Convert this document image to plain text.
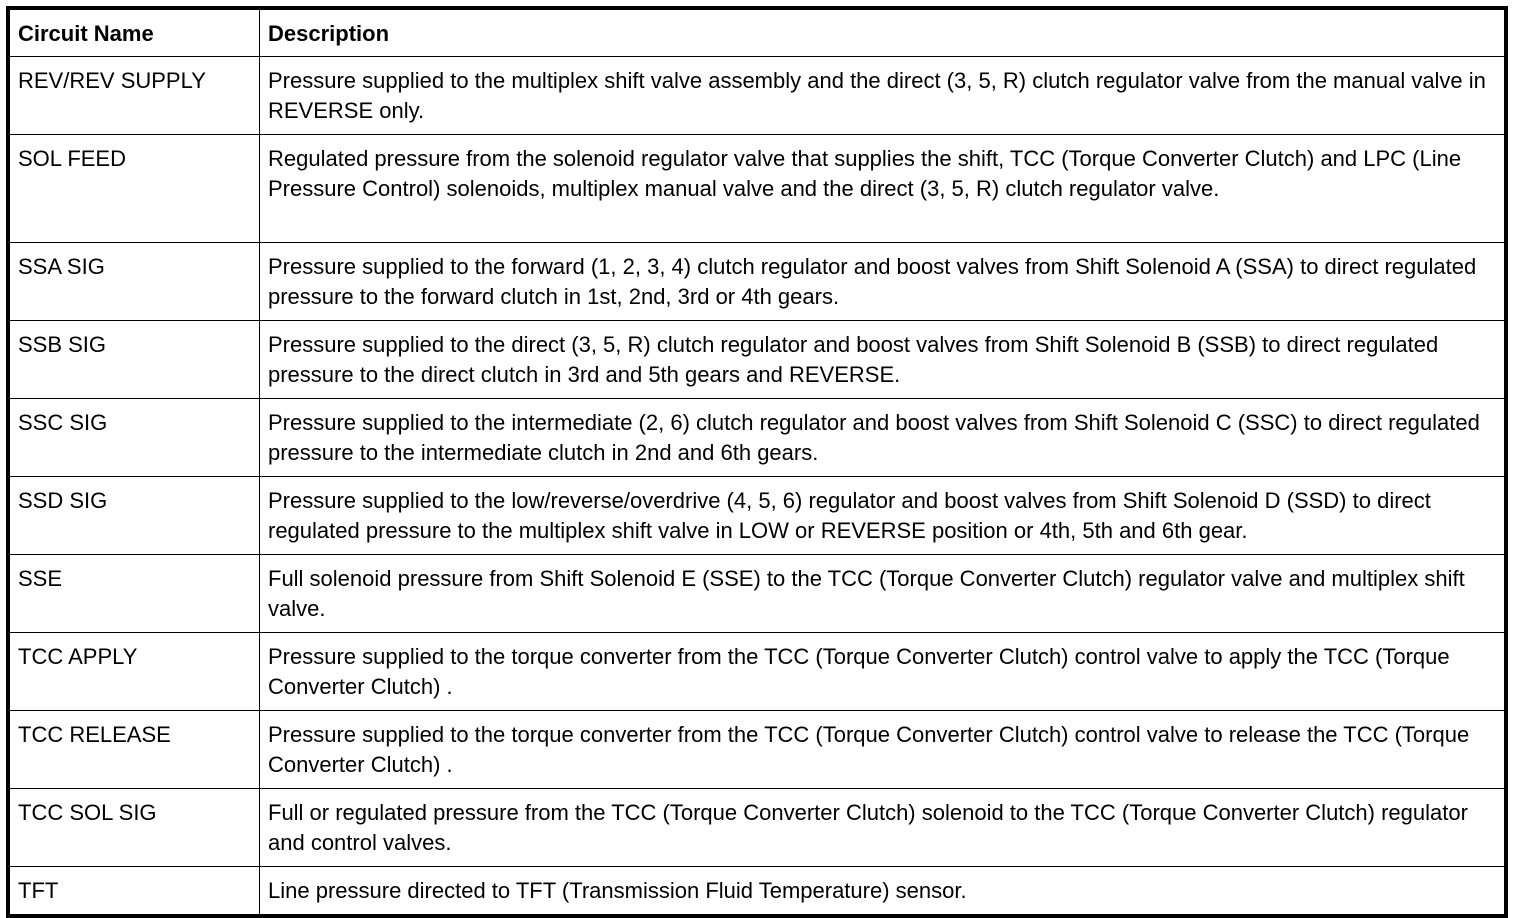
Circuit Name	Description
REV/REV SUPPLY	Pressure supplied to the multiplex shift valve assembly and the direct (3, 5, R) clutch regulator valve from the manual valve in REVERSE only.
SOL FEED	Regulated pressure from the solenoid regulator valve that supplies the shift, TCC (Torque Converter Clutch) and LPC (Line Pressure Control) solenoids, multiplex manual valve and the direct (3, 5, R) clutch regulator valve.
SSA SIG	Pressure supplied to the forward (1, 2, 3, 4) clutch regulator and boost valves from Shift Solenoid A (SSA) to direct regulated pressure to the forward clutch in 1st, 2nd, 3rd or 4th gears.
SSB SIG	Pressure supplied to the direct (3, 5, R) clutch regulator and boost valves from Shift Solenoid B (SSB) to direct regulated pressure to the direct clutch in 3rd and 5th gears and REVERSE.
SSC SIG	Pressure supplied to the intermediate (2, 6) clutch regulator and boost valves from Shift Solenoid C (SSC) to direct regulated pressure to the intermediate clutch in 2nd and 6th gears.
SSD SIG	Pressure supplied to the low/reverse/overdrive (4, 5, 6) regulator and boost valves from Shift Solenoid D (SSD) to direct regulated pressure to the multiplex shift valve in LOW or REVERSE position or 4th, 5th and 6th gear.
SSE	Full solenoid pressure from Shift Solenoid E (SSE) to the TCC (Torque Converter Clutch) regulator valve and multiplex shift valve.
TCC APPLY	Pressure supplied to the torque converter from the TCC (Torque Converter Clutch) control valve to apply the TCC (Torque Converter Clutch) .
TCC RELEASE	Pressure supplied to the torque converter from the TCC (Torque Converter Clutch) control valve to release the TCC (Torque Converter Clutch) .
TCC SOL SIG	Full or regulated pressure from the TCC (Torque Converter Clutch) solenoid to the TCC (Torque Converter Clutch) regulator and control valves.
TFT	Line pressure directed to TFT (Transmission Fluid Temperature) sensor.
